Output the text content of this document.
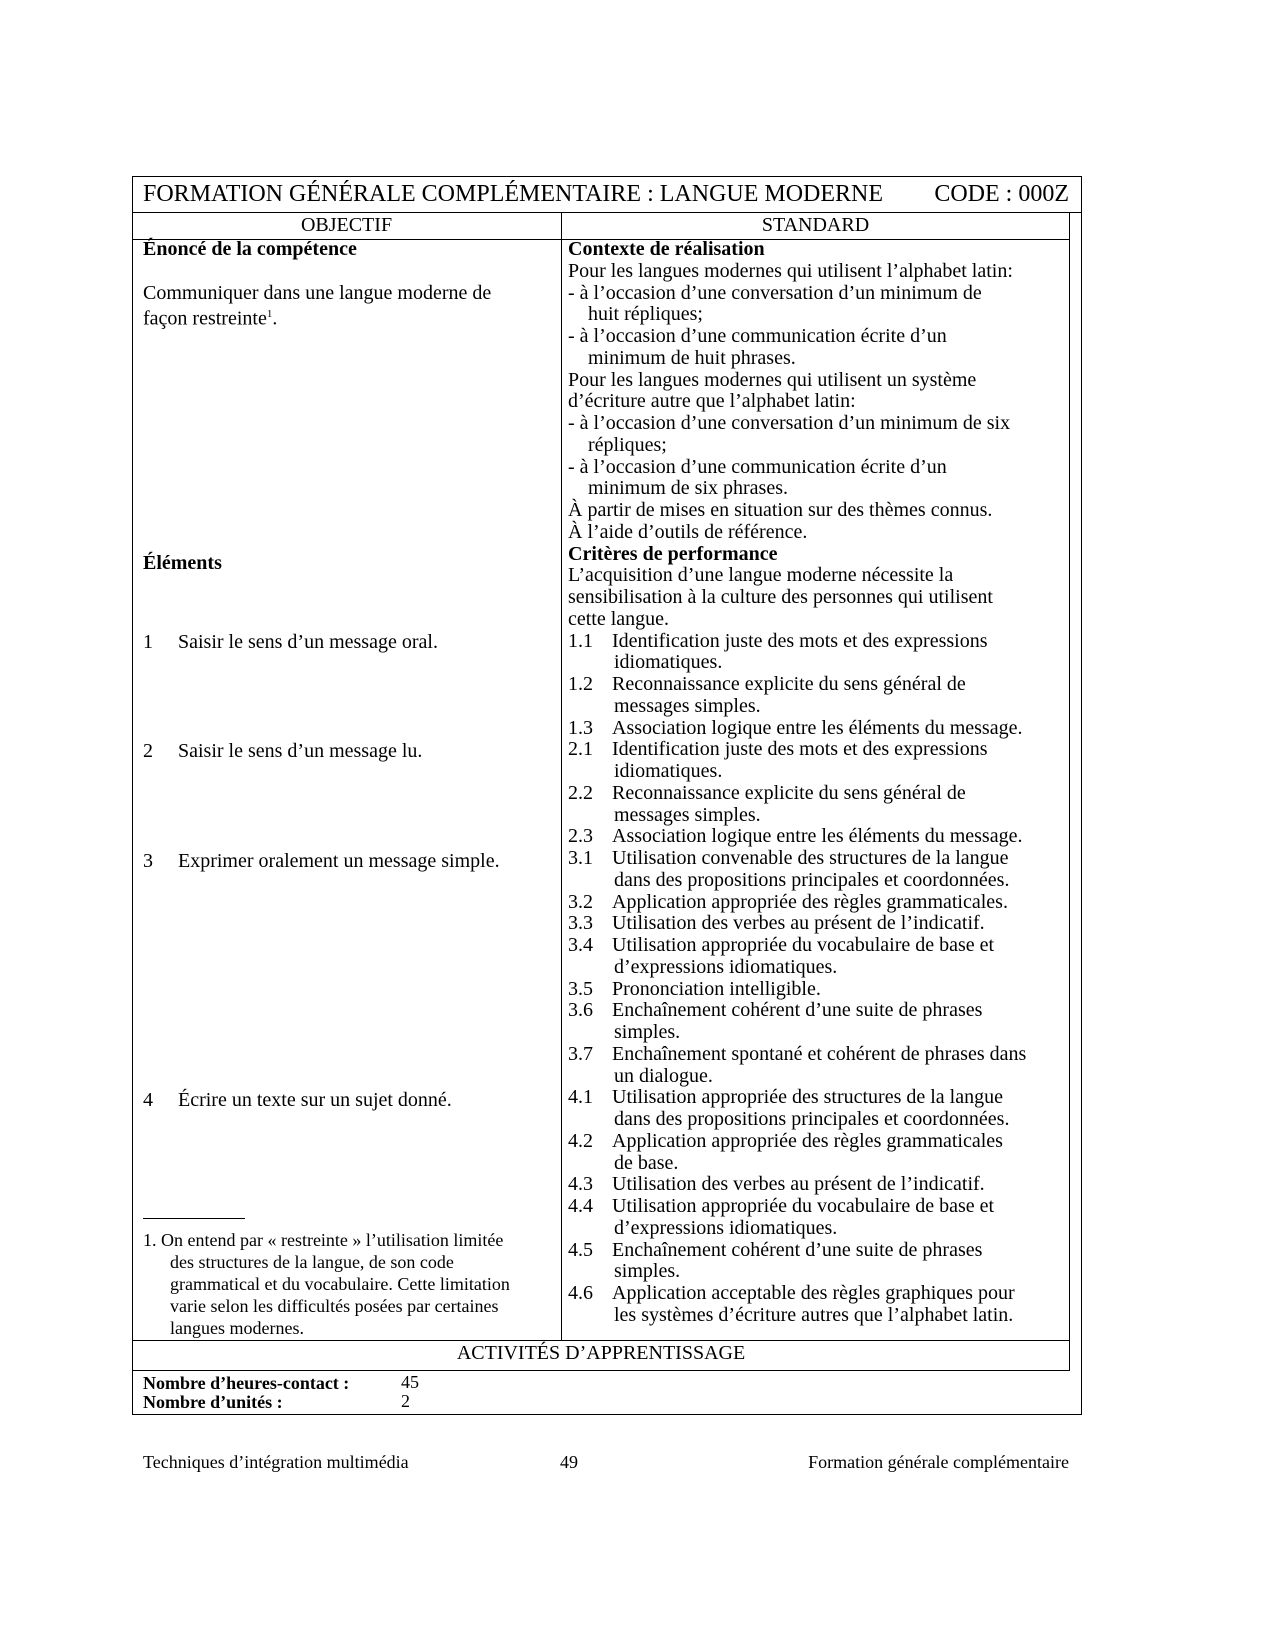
FORMATION GÉNÉRALE COMPLÉMENTAIRE : LANGUE MODERNE CODE : 000Z
OBJECTIF	STANDARD
Énoncé de la compétence
Communiquer dans une langue moderne de
façon restreinte$^1$.
Éléments
1 Saisir le sens d’un message oral.
2 Saisir le sens d’un message lu.
3 Exprimer oralement un message simple.
4 Écrire un texte sur un sujet donné.
1. On entend par « restreinte » l’utilisation limitée
des structures de la langue, de son code
grammatical et du vocabulaire. Cette limitation
varie selon les difficultés posées par certaines
langues modernes.
Contexte de réalisation
Pour les langues modernes qui utilisent l’alphabet latin:
- à l’occasion d’une conversation d’un minimum de
huit répliques;
- à l’occasion d’une communication écrite d’un
minimum de huit phrases.
Pour les langues modernes qui utilisent un système
d’écriture autre que l’alphabet latin:
- à l’occasion d’une conversation d’un minimum de six
répliques;
- à l’occasion d’une communication écrite d’un
minimum de six phrases.
À partir de mises en situation sur des thèmes connus.
À l’aide d’outils de référence.
Critères de performance
L’acquisition d’une langue moderne nécessite la
sensibilisation à la culture des personnes qui utilisent
cette langue.
1.1 Identification juste des mots et des expressions
idiomatiques.
1.2 Reconnaissance explicite du sens général de
messages simples.
1.3 Association logique entre les éléments du message.
2.1 Identification juste des mots et des expressions
idiomatiques.
2.2 Reconnaissance explicite du sens général de
messages simples.
2.3 Association logique entre les éléments du message.
3.1 Utilisation convenable des structures de la langue
dans des propositions principales et coordonnées.
3.2 Application appropriée des règles grammaticales.
3.3 Utilisation des verbes au présent de l’indicatif.
3.4 Utilisation appropriée du vocabulaire de base et
d’expressions idiomatiques.
3.5 Prononciation intelligible.
3.6 Enchaînement cohérent d’une suite de phrases
simples.
3.7 Enchaînement spontané et cohérent de phrases dans
un dialogue.
4.1 Utilisation appropriée des structures de la langue
dans des propositions principales et coordonnées.
4.2 Application appropriée des règles grammaticales
de base.
4.3 Utilisation des verbes au présent de l’indicatif.
4.4 Utilisation appropriée du vocabulaire de base et
d’expressions idiomatiques.
4.5 Enchaînement cohérent d’une suite de phrases
simples.
4.6 Application acceptable des règles graphiques pour
les systèmes d’écriture autres que l’alphabet latin.
ACTIVITÉS D’APPRENTISSAGE
Nombre d’heures-contact :	45
Nombre d’unités :	2
Techniques d’intégration multimédia	49	Formation générale complémentaire
